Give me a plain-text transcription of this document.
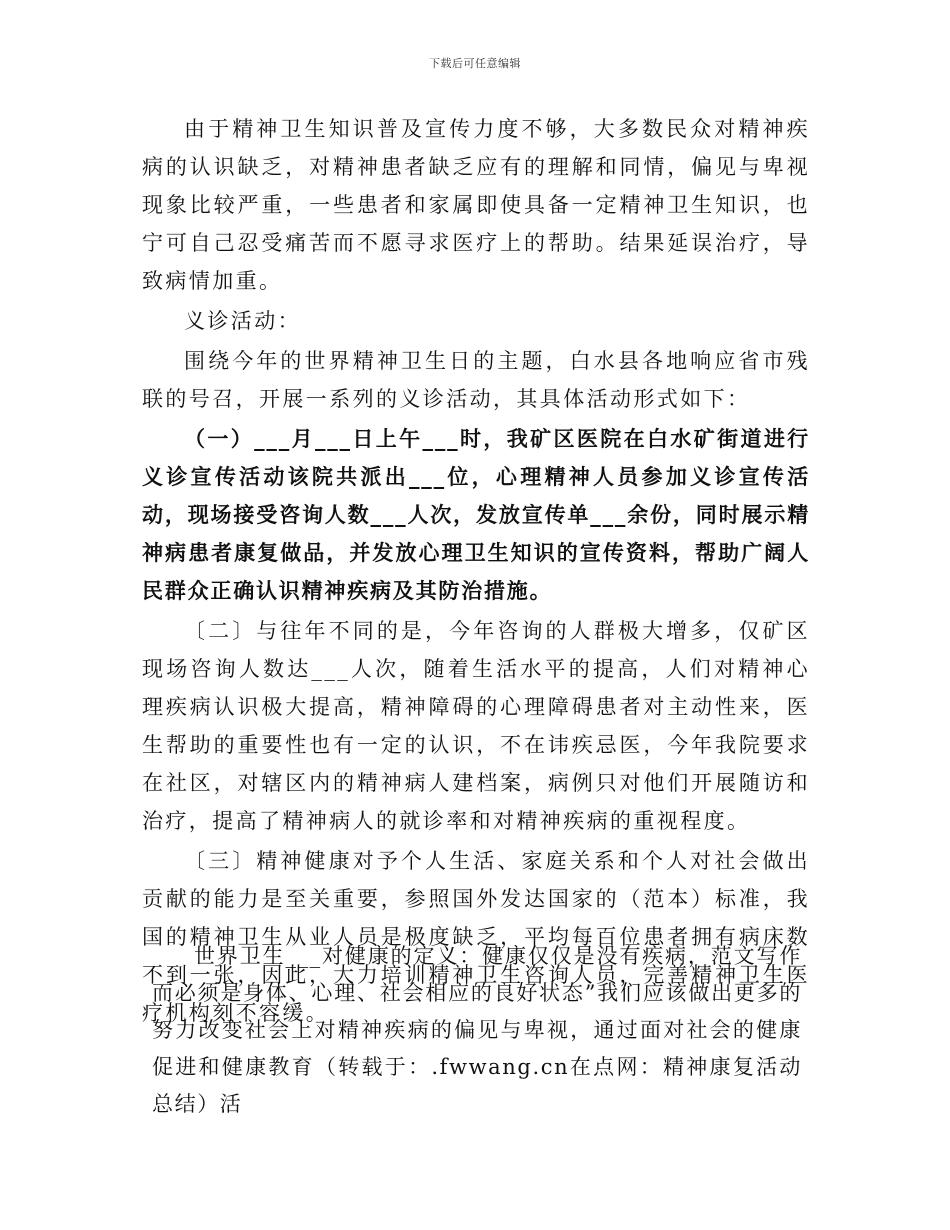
下载后可任意编辑

由于精神卫生知识普及宣传力度不够，大多数民众对精神疾病的认识缺乏，对精神患者缺乏应有的理解和同情，偏见与卑视现象比较严重，一些患者和家属即使具备一定精神卫生知识，也宁可自己忍受痛苦而不愿寻求医疗上的帮助。结果延误治疗，导致病情加重。

义诊活动：

围绕今年的世界精神卫生日的主题，白水县各地响应省市残联的号召，开展一系列的义诊活动，其具体活动形式如下：

（一）___月___日上午___时，我矿区医院在白水矿街道进行义诊宣传活动该院共派出___位，心理精神人员参加义诊宣传活动，现场接受咨询人数___人次，发放宣传单___余份，同时展示精神病患者康复做品，并发放心理卫生知识的宣传资料，帮助广阔人民群众正确认识精神疾病及其防治措施。

〔二〕与往年不同的是，今年咨询的人群极大增多，仅矿区现场咨询人数达___人次，随着生活水平的提高，人们对精神心理疾病认识极大提高，精神障碍的心理障碍患者对主动性来，医生帮助的重要性也有一定的认识，不在讳疾忌医，今年我院要求在社区，对辖区内的精神病人建档案，病例只对他们开展随访和治疗，提高了精神病人的就诊率和对精神疾病的重视程度。

〔三〕精神健康对予个人生活、家庭关系和个人对社会做出贡献的能力是至关重要，参照国外发达国家的（范本）标准，我国的精神卫生从业人员是极度缺乏，平均每百位患者拥有病床数不到一张，因此，大力培训精神卫生咨询人员，完善精神卫生医疗机构刻不容缓。

世界卫生___对健康的定义：健康仅仅是没有疾病，范文写作而必须是身体、心理、社会相应的良好状态”我们应该做出更多的努力改变社会上对精神疾病的偏见与卑视，通过面对社会的健康促进和健康教育（转载于：.fwwang.cn在点网：精神康复活动总结）活
